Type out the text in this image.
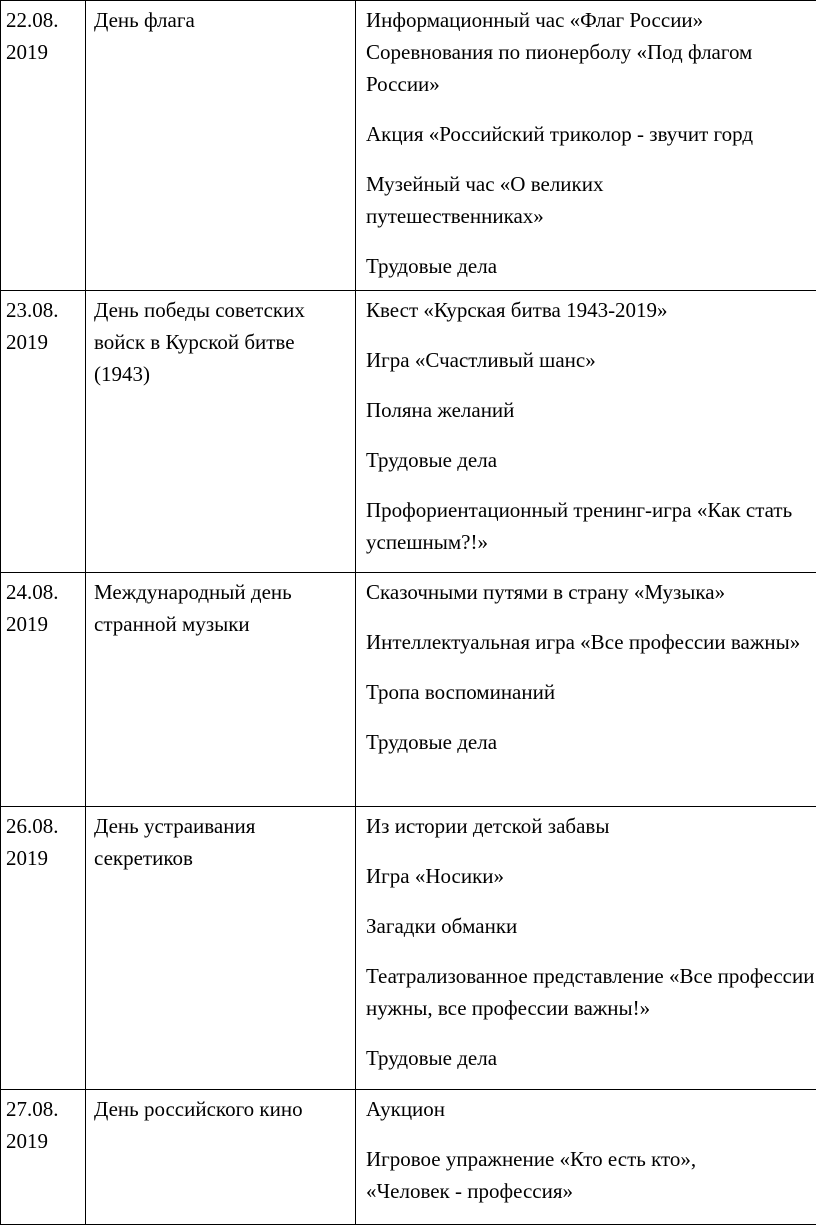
22.08. 2019	День флага	Информационный час «Флаг России»

Соревнования по пионерболу «Под флагом России»

Акция «Российский триколор - звучит горд

Музейный час «О великих путешественниках»

Трудовые дела

23.08. 2019	День победы советских войск в Курской битве (1943)	Квест «Курская битва 1943-2019»

Игра «Счастливый шанс»

Поляна желаний

Трудовые дела

Профориентационный тренинг-игра «Как стать успешным?!»

24.08. 2019	Международный день странной музыки	Сказочными путями в страну «Музыка»

Интеллектуальная игра «Все профессии важны»

Тропа воспоминаний

Трудовые дела

26.08. 2019	День устраивания секретиков	Из истории детской забавы

Игра «Носики»

Загадки обманки

Театрализованное представление «Все профессии нужны, все профессии важны!»

Трудовые дела

27.08. 2019	День российского кино	Аукцион

Игровое упражнение «Кто есть кто», «Человек - профессия»
